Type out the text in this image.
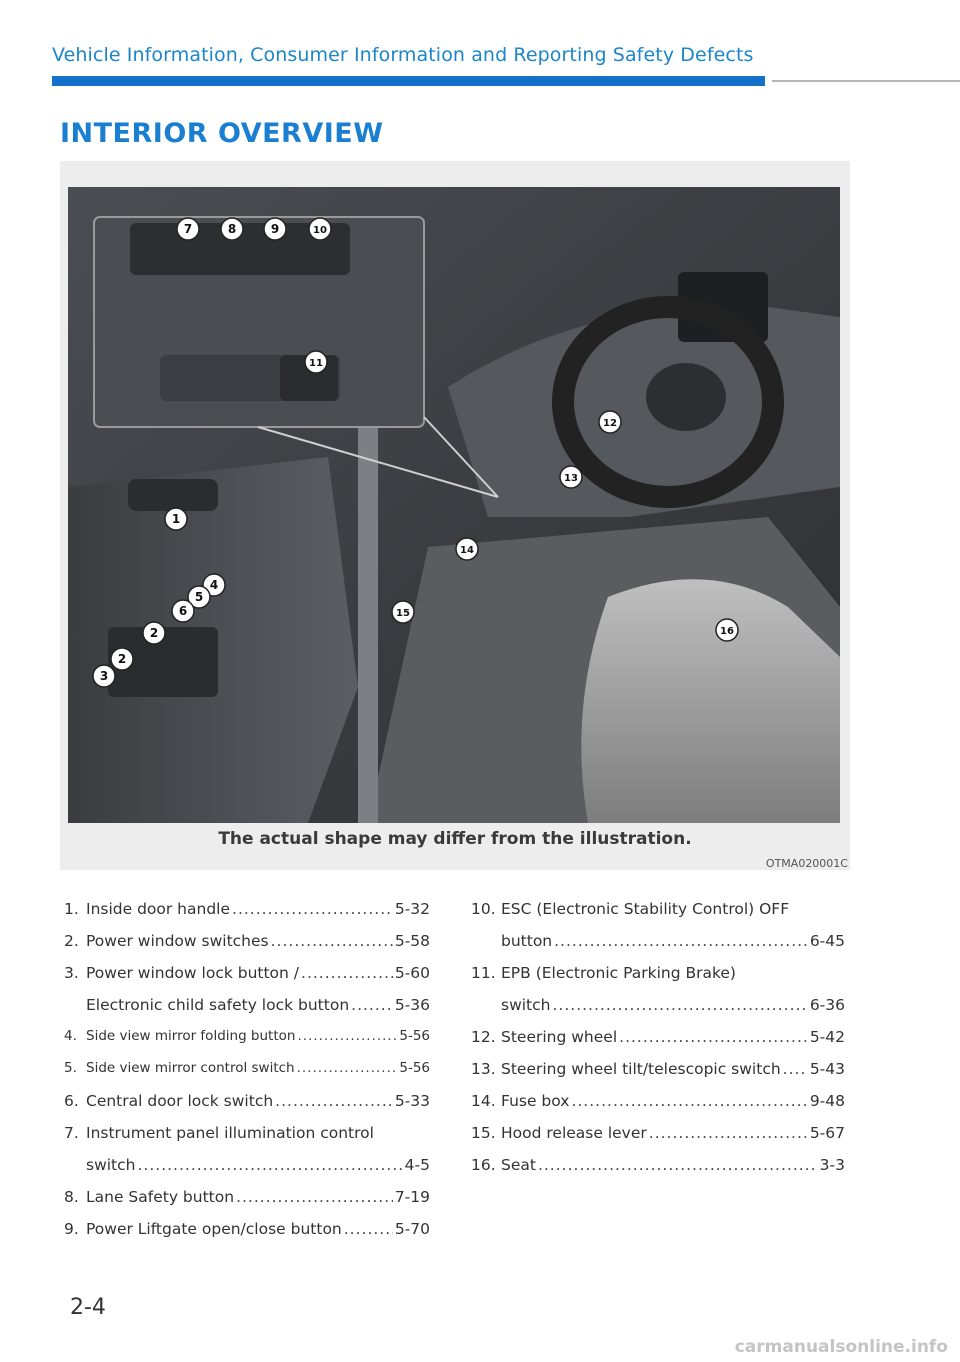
Vehicle Information, Consumer Information and Reporting Safety Defects
INTERIOR OVERVIEW
1
2
2
3
4
5
6
7	8	9	10
11
12
13
14
15
16
The actual shape may differ from the illustration.
OTMA020001C
1. Inside door handle .....	5-32
2. Power window switches .....	5-58
3. Power window lock button / .....	5-60
Electronic child safety lock button .....	5-36
4. Side view mirror folding button .....	5-56
5. Side view mirror control switch .....	5-56
6. Central door lock switch .....	5-33
7. Instrument panel illumination control
switch .....	4-5
8. Lane Safety button .....	7-19
9. Power Liftgate open/close button .....	5-70
10. ESC (Electronic Stability Control) OFF
button .....	6-45
11. EPB (Electronic Parking Brake)
switch .....	6-36
12. Steering wheel .....	5-42
13. Steering wheel tilt/telescopic switch ..... 5-43
14. Fuse box .....	9-48
15. Hood release lever .....	5-67
16. Seat .....	3-3
2-4
carmanualsonline.info
